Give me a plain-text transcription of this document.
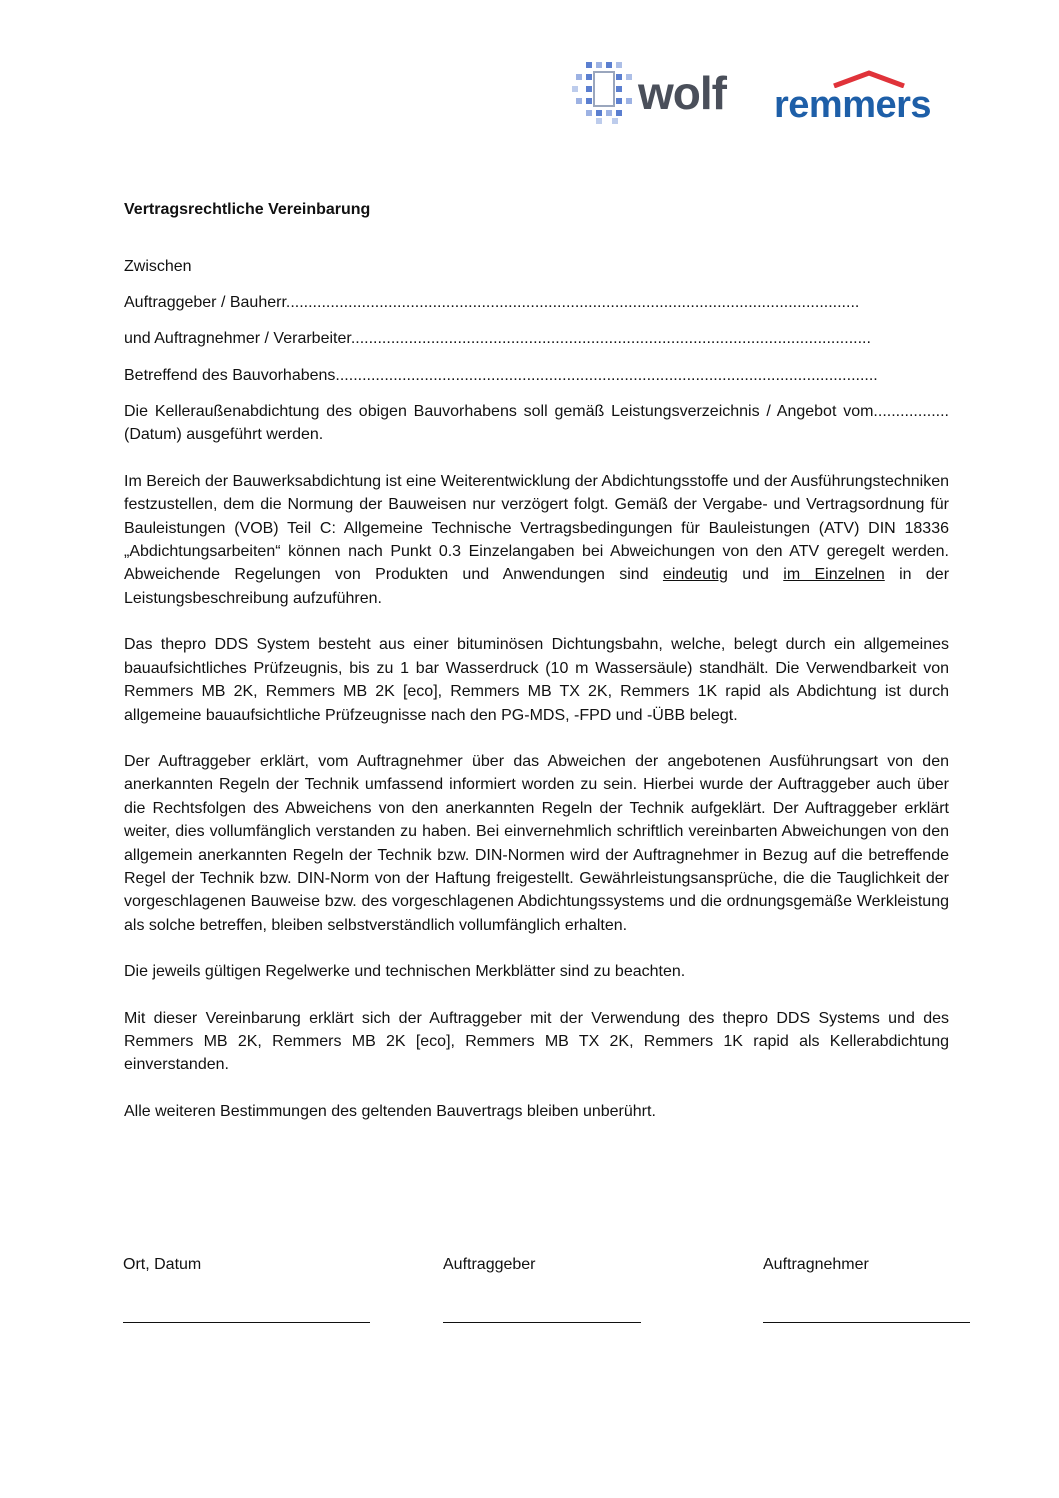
wolf remmers
Vertragsrechtliche Vereinbarung
Zwischen
Auftraggeber / Bauherr.................................................................................................................................
und Auftragnehmer / Verarbeiter.....................................................................................................................
Betreffend des Bauvorhabens..........................................................................................................................

Die Kelleraußenabdichtung des obigen Bauvorhabens soll gemäß Leistungsverzeichnis / Angebot vom.................(Datum) ausgeführt werden.

Im Bereich der Bauwerksabdichtung ist eine Weiterentwicklung der Abdichtungsstoffe und der Ausführungstechniken festzustellen, dem die Normung der Bauweisen nur verzögert folgt. Gemäß der Vergabe- und Vertragsordnung für Bauleistungen (VOB) Teil C: Allgemeine Technische Vertragsbedingungen für Bauleistungen (ATV) DIN 18336 „Abdichtungsarbeiten“ können nach Punkt 0.3 Einzelangaben bei Abweichungen von den ATV geregelt werden. Abweichende Regelungen von Produkten und Anwendungen sind eindeutig und im Einzelnen in der Leistungsbeschreibung aufzuführen.

Das thepro DDS System besteht aus einer bituminösen Dichtungsbahn, welche, belegt durch ein allgemeines bauaufsichtliches Prüfzeugnis, bis zu 1 bar Wasserdruck (10 m Wassersäule) standhält. Die Verwendbarkeit von Remmers MB 2K, Remmers MB 2K [eco], Remmers MB TX 2K, Remmers 1K rapid als Abdichtung ist durch allgemeine bauaufsichtliche Prüfzeugnisse nach den PG-MDS, -FPD und -ÜBB belegt.

Der Auftraggeber erklärt, vom Auftragnehmer über das Abweichen der angebotenen Ausführungsart von den anerkannten Regeln der Technik umfassend informiert worden zu sein. Hierbei wurde der Auftraggeber auch über die Rechtsfolgen des Abweichens von den anerkannten Regeln der Technik aufgeklärt. Der Auftraggeber erklärt weiter, dies vollumfänglich verstanden zu haben. Bei einvernehmlich schriftlich vereinbarten Abweichungen von den allgemein anerkannten Regeln der Technik bzw. DIN-Normen wird der Auftragnehmer in Bezug auf die betreffende Regel der Technik bzw. DIN-Norm von der Haftung freigestellt. Gewährleistungsansprüche, die die Tauglichkeit der vorgeschlagenen Bauweise bzw. des vorgeschlagenen Abdichtungssystems und die ordnungsgemäße Werkleistung als solche betreffen, bleiben selbstverständlich vollumfänglich erhalten.

Die jeweils gültigen Regelwerke und technischen Merkblätter sind zu beachten.

Mit dieser Vereinbarung erklärt sich der Auftraggeber mit der Verwendung des thepro DDS Systems und des Remmers MB 2K, Remmers MB 2K [eco], Remmers MB TX 2K, Remmers 1K rapid als Kellerabdichtung einverstanden.

Alle weiteren Bestimmungen des geltenden Bauvertrags bleiben unberührt.

Ort, Datum	Auftraggeber	Auftragnehmer
